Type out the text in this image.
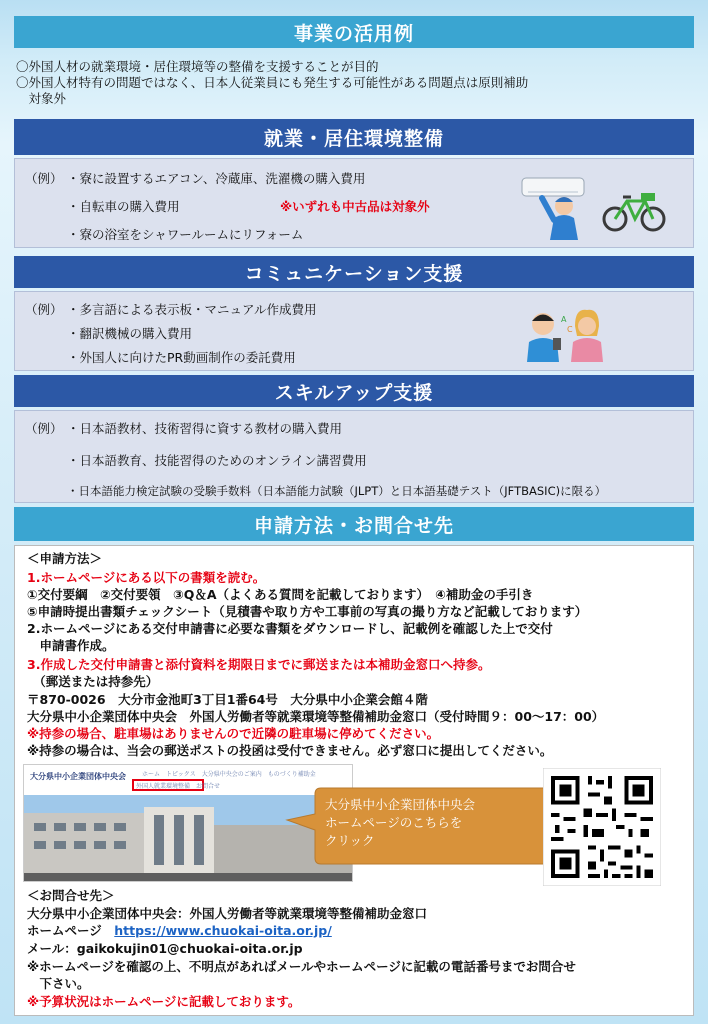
事業の活用例
〇外国人材の就業環境・居住環境等の整備を支援することが目的
〇外国人材特有の問題ではなく、日本人従業員にも発生する可能性がある問題点は原則補助
　対象外
就業・居住環境整備
（例） ・寮に設置するエアコン、冷蔵庫、洗濯機の購入費用
・自転車の購入費用	※いずれも中古品は対象外
・寮の浴室をシャワールームにリフォーム
コミュニケーション支援
（例） ・多言語による表示板・マニュアル作成費用
・翻訳機械の購入費用
・外国人に向けたPR動画制作の委託費用
A
C
スキルアップ支援
（例） ・日本語教材、技術習得に資する教材の購入費用
・日本語教育、技能習得のためのオンライン講習費用
・日本語能力検定試験の受験手数料（日本語能力試験（JLPT）と日本語基礎テスト（JFTBASIC)に限る）
申請方法・お問合せ先
＜申請方法＞
1.ホームページにある以下の書類を読む。
①交付要綱　②交付要領　③Q＆A（よくある質問を記載しております）　④補助金の手引き
⑤申請時提出書類チェックシート（見積書や取り方や工事前の写真の撮り方など記載しております）
2.ホームページにある交付申請書に必要な書類をダウンロードし、記載例を確認した上で交付
　申請書作成。
3.作成した交付申請書と添付資料を期限日までに郵送または本補助金窓口へ持参。
　（郵送または持参先）
〒870-0026　大分市金池町3丁目1番64号　大分県中小企業会館４階
大分県中小企業団体中央会　外国人労働者等就業環境等整備補助金窓口（受付時間９：00～17：00）
※持参の場合、駐車場はありませんので近隣の駐車場に停めてください。
※持参の場合は、当会の郵送ポストの投函は受付できません。必ず窓口に提出してください。
大分県中小企業団体中央会	ホーム　トピックス　大分県中央会のご案内　ものづくり補助金
外国人就業環境整備　お問合せ
大分県中小企業団体中央会
ホームページのこちらを
クリック
＜お問合せ先＞
大分県中小企業団体中央会：外国人労働者等就業環境等整備補助金窓口
ホームページ　https://www.chuokai-oita.or.jp/
メール：gaikokujin01@chuokai-oita.or.jp
※ホームページを確認の上、不明点があればメールやホームページに記載の電話番号までお問合せ
　下さい。
※予算状況はホームページに記載しております。
